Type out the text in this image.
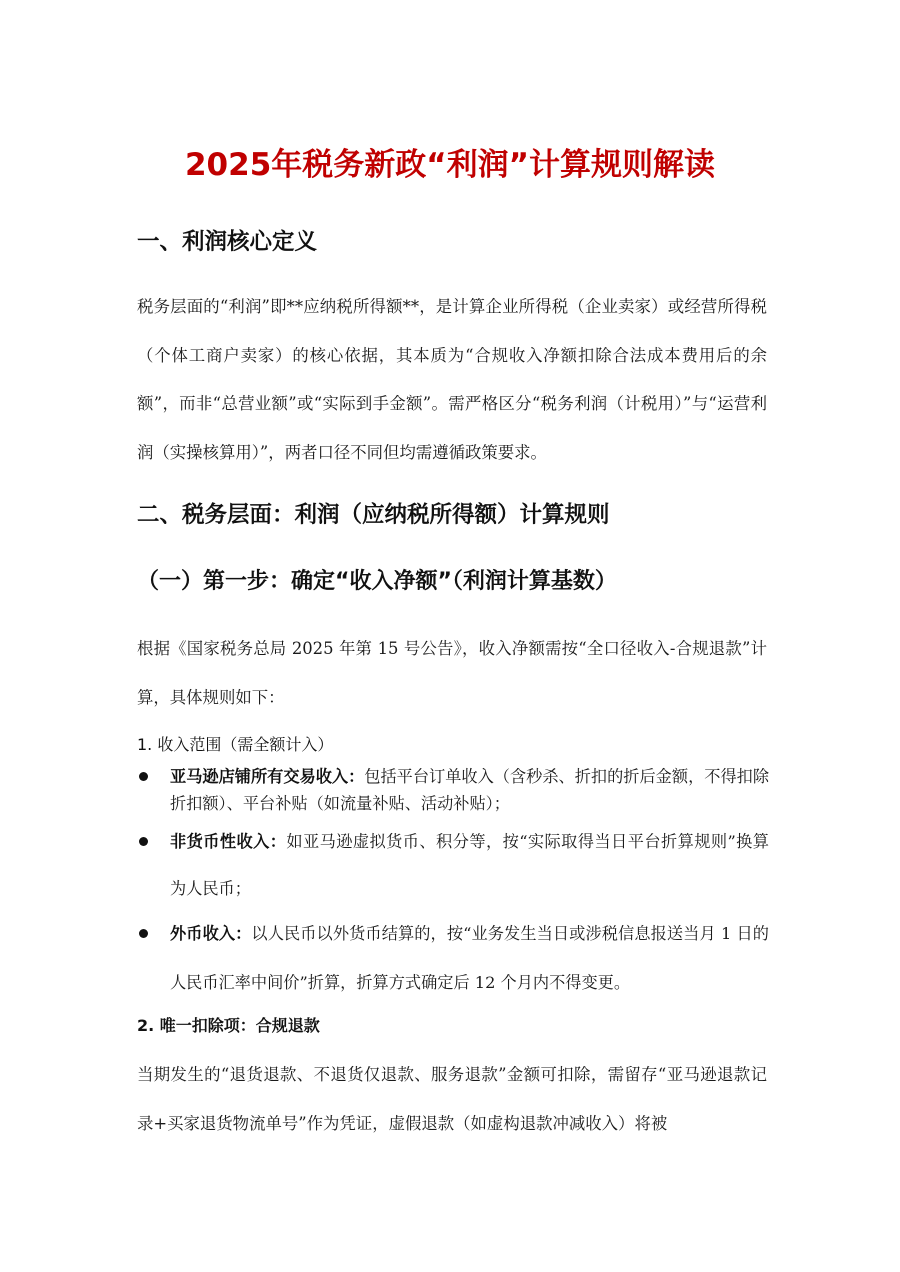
2025年税务新政“利润”计算规则解读
一、利润核心定义

税务层面的“利润”即**应纳税所得额**，是计算企业所得税（企业卖家）或经营所得税（个体工商户卖家）的核心依据，其本质为“合规收入净额扣除合法成本费用后的余额”，而非“总营业额”或“实际到手金额”。需严格区分“税务利润（计税用）”与“运营利润（实操核算用）”，两者口径不同但均需遵循政策要求。

二、税务层面：利润（应纳税所得额）计算规则
（一）第一步：确定“收入净额”（利润计算基数）

根据《国家税务总局 2025 年第 15 号公告》，收入净额需按“全口径收入-合规退款”计算，具体规则如下：

1. 收入范围（需全额计入）

亚马逊店铺所有交易收入：包括平台订单收入（含秒杀、折扣的折后金额，不得扣除折扣额）、平台补贴（如流量补贴、活动补贴）；

非货币性收入：如亚马逊虚拟货币、积分等，按“实际取得当日平台折算规则”换算为人民币；

外币收入：以人民币以外货币结算的，按“业务发生当日或涉税信息报送当月 1 日的人民币汇率中间价”折算，折算方式确定后 12 个月内不得变更。

2. 唯一扣除项：合规退款

当期发生的“退货退款、不退货仅退款、服务退款”金额可扣除，需留存“亚马逊退款记录+买家退货物流单号”作为凭证，虚假退款（如虚构退款冲减收入）将被
